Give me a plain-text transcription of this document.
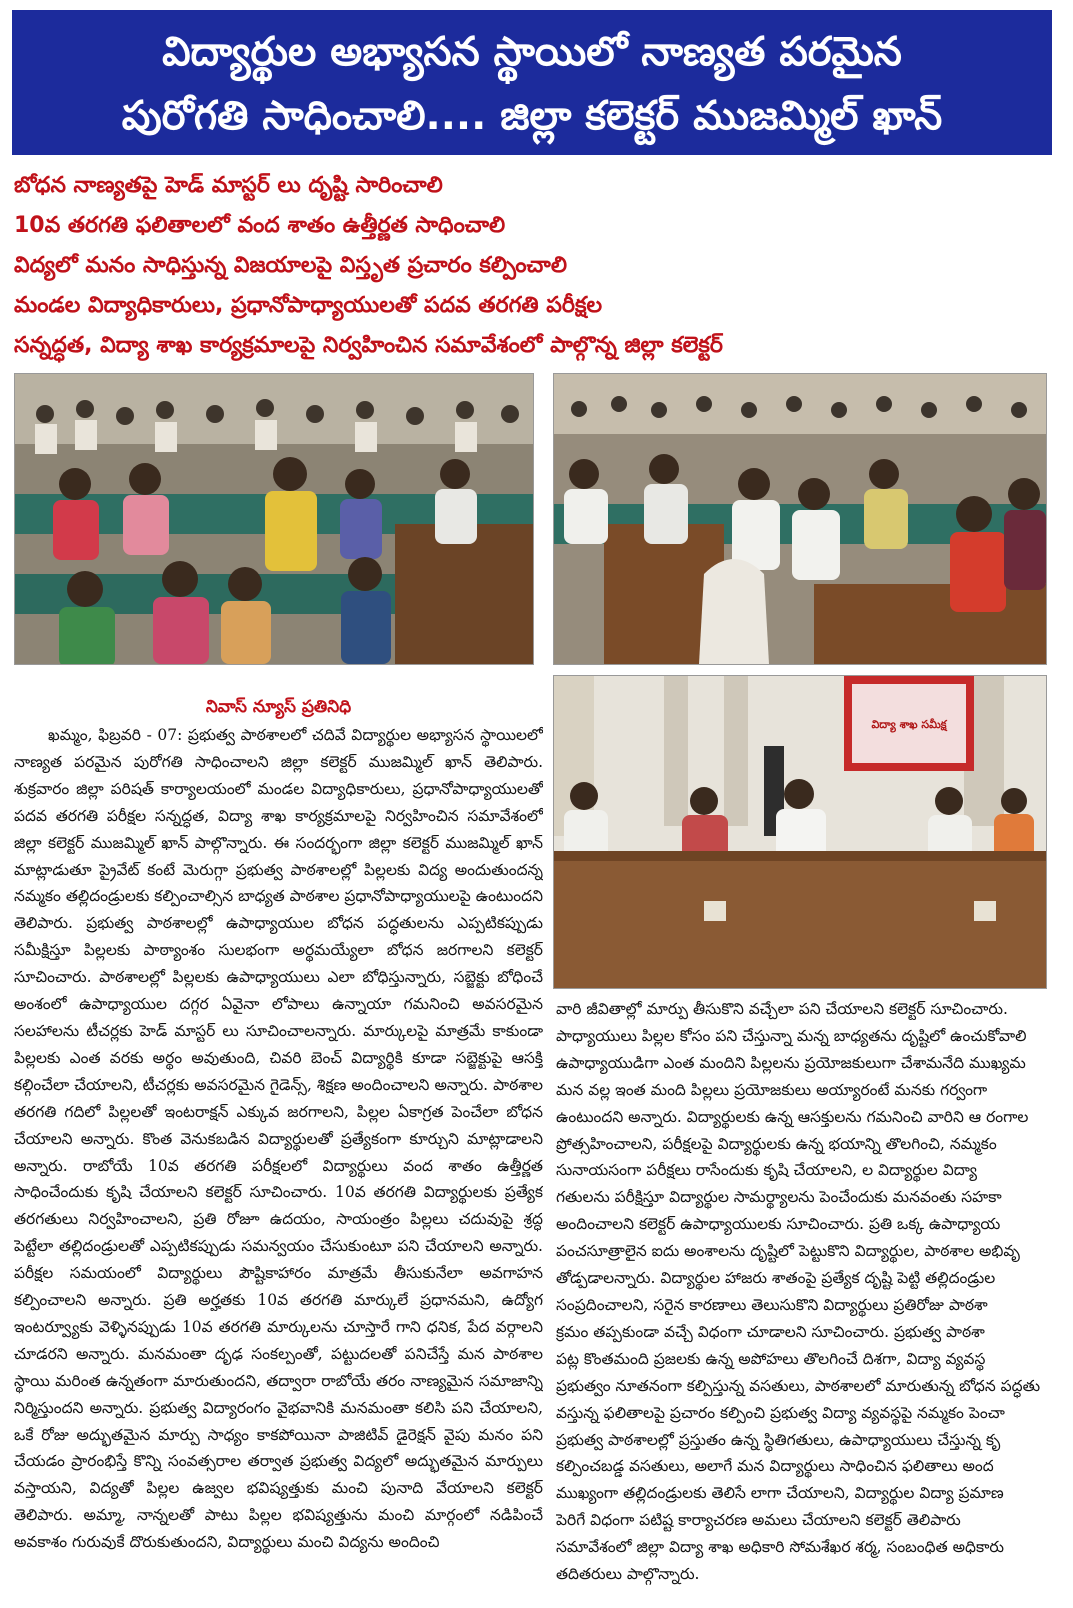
విద్యార్థుల అభ్యాసన స్థాయిలో నాణ్యత పరమైన
పురోగతి సాధించాలి.... జిల్లా కలెక్టర్ ముజమ్మిల్ ఖాన్
బోధన నాణ్యతపై హెడ్ మాస్టర్ లు దృష్టి సారించాలి
10వ తరగతి ఫలితాలలో వంద శాతం ఉత్తీర్ణత సాధించాలి
విద్యలో మనం సాధిస్తున్న విజయాలపై విస్తృత ప్రచారం కల్పించాలి
మండల విద్యాధికారులు, ప్రధానోపాధ్యాయులతో పదవ తరగతి పరీక్షల
సన్నద్ధత, విద్యా శాఖ కార్యక్రమాలపై నిర్వహించిన సమావేశంలో పాల్గొన్న జిల్లా కలెక్టర్
విద్యా శాఖ సమీక్ష
నివాస్ న్యూస్ ప్రతినిధి

ఖమ్మం, ఫిబ్రవరి - 07: ప్రభుత్వ పాఠశాలలో చదివే విద్యార్థుల అభ్యాసన స్థాయిలలో నాణ్యత పరమైన పురోగతి సాధించాలని జిల్లా కలెక్టర్ ముజమ్మిల్ ఖాన్ తెలిపారు. శుక్రవారం జిల్లా పరిషత్ కార్యాలయంలో మండల విద్యాధికారులు, ప్రధానోపాధ్యాయులతో పదవ తరగతి పరీక్షల సన్నద్ధత, విద్యా శాఖ కార్యక్రమాలపై నిర్వహించిన సమావేశంలో జిల్లా కలెక్టర్ ముజమ్మిల్ ఖాన్ పాల్గొన్నారు. ఈ సందర్భంగా జిల్లా కలెక్టర్ ముజమ్మిల్ ఖాన్ మాట్లాడుతూ ప్రైవేట్ కంటే మెరుగ్గా ప్రభుత్వ పాఠశాలల్లో పిల్లలకు విద్య అందుతుందన్న నమ్మకం తల్లిదండ్రులకు కల్పించాల్సిన బాధ్యత పాఠశాల ప్రధానోపాధ్యాయులపై ఉంటుందని తెలిపారు. ప్రభుత్వ పాఠశాలల్లో ఉపాధ్యాయుల బోధన పద్ధతులను ఎప్పటికప్పుడు సమీక్షిస్తూ పిల్లలకు పాఠ్యాంశం సులభంగా అర్థమయ్యేలా బోధన జరగాలని కలెక్టర్ సూచించారు. పాఠశాలల్లో పిల్లలకు ఉపాధ్యాయులు ఎలా బోధిస్తున్నారు, సబ్జెక్టు బోధించే అంశంలో ఉపాధ్యాయుల దగ్గర ఏవైనా లోపాలు ఉన్నాయా గమనించి అవసరమైన సలహాలను టీచర్లకు హెడ్ మాస్టర్ లు సూచించాలన్నారు. మార్కులపై మాత్రమే కాకుండా పిల్లలకు ఎంత వరకు అర్థం అవుతుంది, చివరి బెంచ్ విద్యార్థికి కూడా సబ్జెక్టుపై ఆసక్తి కల్గించేలా చేయాలని, టీచర్లకు అవసరమైన గైడెన్స్, శిక్షణ అందించాలని అన్నారు. పాఠశాల తరగతి గదిలో పిల్లలతో ఇంటరాక్షన్ ఎక్కువ జరగాలని, పిల్లల ఏకాగ్రత పెంచేలా బోధన చేయాలని అన్నారు. కొంత వెనుకబడిన విద్యార్థులతో ప్రత్యేకంగా కూర్చుని మాట్లాడాలని అన్నారు. రాబోయే 10వ తరగతి పరీక్షలలో విద్యార్థులు వంద శాతం ఉత్తీర్ణత సాధించేందుకు కృషి చేయాలని కలెక్టర్ సూచించారు. 10వ తరగతి విద్యార్థులకు ప్రత్యేక తరగతులు నిర్వహించాలని, ప్రతి రోజూ ఉదయం, సాయంత్రం పిల్లలు చదువుపై శ్రద్ధ పెట్టేలా తల్లిదండ్రులతో ఎప్పటికప్పుడు సమన్వయం చేసుకుంటూ పని చేయాలని అన్నారు. పరీక్షల సమయంలో విద్యార్థులు పౌష్టికాహారం మాత్రమే తీసుకునేలా అవగాహన కల్పించాలని అన్నారు. ప్రతి అర్హతకు 10వ తరగతి మార్కులే ప్రధానమని, ఉద్యోగ ఇంటర్వ్యూకు వెళ్ళినప్పుడు 10వ తరగతి మార్కులను చూస్తారే గాని ధనిక, పేద వర్గాలని చూడరని అన్నారు. మనమంతా దృఢ సంకల్పంతో, పట్టుదలతో పనిచేస్తే మన పాఠశాల స్థాయి మరింత ఉన్నతంగా మారుతుందని, తద్వారా రాబోయే తరం నాణ్యమైన సమాజాన్ని నిర్మిస్తుందని అన్నారు. ప్రభుత్వ విద్యారంగం వైభవానికి మనమంతా కలిసి పని చేయాలని, ఒకే రోజు అద్భుతమైన మార్పు సాధ్యం కాకపోయినా పాజిటివ్ డైరెక్షన్ వైపు మనం పని చేయడం ప్రారంభిస్తే కొన్ని సంవత్సరాల తర్వాత ప్రభుత్వ విద్యలో అద్భుతమైన మార్పులు వస్తాయని, విద్యతో పిల్లల ఉజ్వల భవిష్యత్తుకు మంచి పునాది వేయాలని కలెక్టర్ తెలిపారు. అమ్మా, నాన్నలతో పాటు పిల్లల భవిష్యత్తును మంచి మార్గంలో నడిపించే అవకాశం గురువుకే దొరుకుతుందని, విద్యార్థులు మంచి విద్యను అందించి

వారి జీవితాల్లో మార్పు తీసుకొని వచ్చేలా పని చేయాలని కలెక్టర్ సూచించారు.
పాధ్యాయులు పిల్లల కోసం పని చేస్తున్నా మన్న బాధ్యతను దృష్టిలో ఉంచుకోవాలి
ఉపాధ్యాయుడిగా ఎంత మందిని పిల్లలను ప్రయోజకులుగా చేశామనేది ముఖ్యమ
మన వల్ల ఇంత మంది పిల్లలు ప్రయోజకులు అయ్యారంటే మనకు గర్వంగా
ఉంటుందని అన్నారు. విద్యార్థులకు ఉన్న ఆసక్తులను గమనించి వారిని ఆ రంగాల
ప్రోత్సహించాలని, పరీక్షలపై విద్యార్థులకు ఉన్న భయాన్ని తొలగించి, నమ్మకం
సునాయసంగా పరీక్షలు రాసేందుకు కృషి చేయాలని, ల విద్యార్థుల విద్యా
గతులను పరీక్షిస్తూ విద్యార్థుల సామర్థ్యాలను పెంచేందుకు మనవంతు సహకా
అందించాలని కలెక్టర్ ఉపాధ్యాయులకు సూచించారు. ప్రతి ఒక్క ఉపాధ్యాయ
పంచసూత్రాలైన ఐదు అంశాలను దృష్టిలో పెట్టుకొని విద్యార్థుల, పాఠశాల అభివృ
తోడ్పడాలన్నారు. విద్యార్థుల హాజరు శాతంపై ప్రత్యేక దృష్టి పెట్టి తల్లిదండ్రుల
సంప్రదించాలని, సరైన కారణాలు తెలుసుకొని విద్యార్థులు ప్రతిరోజు పాఠశా
క్రమం తప్పకుండా వచ్చే విధంగా చూడాలని సూచించారు. ప్రభుత్వ పాఠశా
పట్ల కొంతమంది ప్రజలకు ఉన్న అపోహలు తొలగించే దిశగా, విద్యా వ్యవస్థ
ప్రభుత్వం నూతనంగా కల్పిస్తున్న వసతులు, పాఠశాలలో మారుతున్న బోధన పద్ధతు
వస్తున్న ఫలితాలపై ప్రచారం కల్పించి ప్రభుత్వ విద్యా వ్యవస్థపై నమ్మకం పెంచా
ప్రభుత్వ పాఠశాలల్లో ప్రస్తుతం ఉన్న స్థితిగతులు, ఉపాధ్యాయులు చేస్తున్న కృ
కల్పించబడ్డ వసతులు, అలాగే మన విద్యార్థులు సాధించిన ఫలితాలు అంద
ముఖ్యంగా తల్లిదండ్రులకు తెలిసే లాగా చేయాలని, విద్యార్థుల విద్యా ప్రమాణ
పెరిగే విధంగా పటిష్ట కార్యాచరణ అమలు చేయాలని కలెక్టర్ తెలిపారు
సమావేశంలో జిల్లా విద్యా శాఖ అధికారి సోమశేఖర శర్మ, సంబంధిత అధికారు
తదితరులు పాల్గొన్నారు.
